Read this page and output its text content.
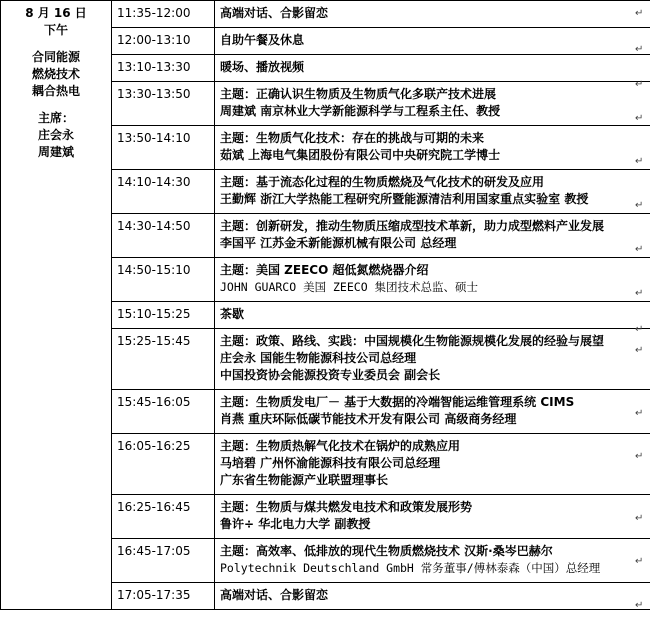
8 月 16 日
下午
合同能源
燃烧技术
耦合热电
主席：
庄会永
周建斌
	11:35-12:00	高端对话、合影留恋

	12:00-13:10	自助午餐及休息

	13:10-13:30	暖场、播放视频

	13:30-13:50	主题：正确认识生物质及生物质气化多联产技术进展
周建斌 南京林业大学新能源科学与工程系主任、教授

	13:50-14:10	主题：生物质气化技术：存在的挑战与可期的未来
茹斌 上海电气集团股份有限公司中央研究院工学博士

	14:10-14:30	主题：基于流态化过程的生物质燃烧及气化技术的研发及应用
王勤辉 浙江大学热能工程研究所暨能源清洁利用国家重点实验室 教授

	14:30-14:50	主题：创新研发，推动生物质压缩成型技术革新，助力成型燃料产业发展
李国平 江苏金禾新能源机械有限公司 总经理

	14:50-15:10	主题：美国 ZEECO 超低氮燃烧器介绍
JOHN GUARCO 美国 ZEECO 集团技术总监、硕士

	15:10-15:25	茶歇

	15:25-15:45	主题：政策、路线、实践：中国规模化生物能源规模化发展的经验与展望
庄会永 国能生物能源科技公司总经理
中国投资协会能源投资专业委员会 副会长

	15:45-16:05	主题：生物质发电厂－ 基于大数据的冷端智能运维管理系统 CIMS
肖燕 重庆环际低碳节能技术开发有限公司 高级商务经理

	16:05-16:25	主题：生物质热解气化技术在锅炉的成熟应用
马培碧 广州怀渝能源科技有限公司总经理
广东省生物能源产业联盟理事长

	16:25-16:45	主题：生物质与煤共燃发电技术和政策发展形势
鲁许÷ 华北电力大学 副教授

	16:45-17:05	主题：高效率、低排放的现代生物质燃烧技术 汉斯·桑岑巴赫尔
Polytechnik Deutschland GmbH 常务董事/傅林泰森（中国）总经理

	17:05-17:35	高端对话、合影留恋
↵
↵
↵
↵
↵
↵
↵
↵
↵
↵
↵
↵
↵
↵
↵
